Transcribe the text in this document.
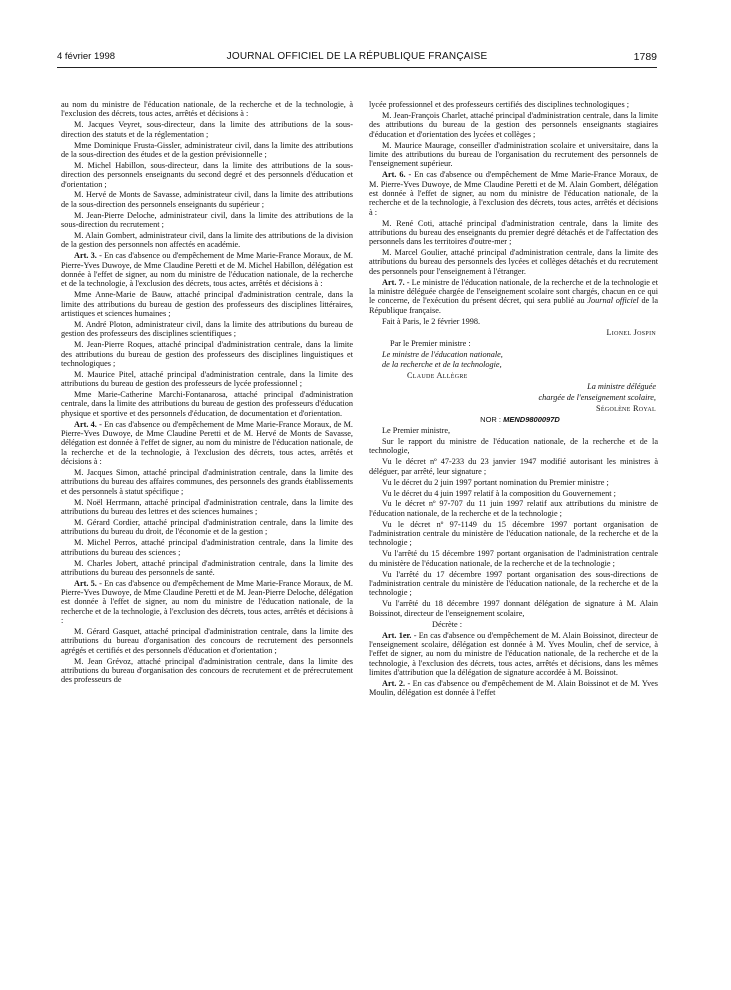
4 février 1998	JOURNAL OFFICIEL DE LA RÉPUBLIQUE FRANÇAISE	1789

au nom du ministre de l'éducation nationale, de la recherche et de la technologie, à l'exclusion des décrets, tous actes, arrêtés et décisions à :

M. Jacques Veyret, sous-directeur, dans la limite des attributions de la sous-direction des statuts et de la réglementation ;

Mme Dominique Frusta-Gissler, administrateur civil, dans la limite des attributions de la sous-direction des études et de la gestion prévisionnelle ;

M. Michel Habillon, sous-directeur, dans la limite des attributions de la sous-direction des personnels enseignants du second degré et des personnels d'éducation et d'orientation ;

M. Hervé de Monts de Savasse, administrateur civil, dans la limite des attributions de la sous-direction des personnels enseignants du supérieur ;

M. Jean-Pierre Deloche, administrateur civil, dans la limite des attributions de la sous-direction du recrutement ;

M. Alain Gombert, administrateur civil, dans la limite des attributions de la division de la gestion des personnels non affectés en académie.

Art. 3. - En cas d'absence ou d'empêchement de Mme Marie-France Moraux, de M. Pierre-Yves Duwoye, de Mme Claudine Peretti et de M. Michel Habillon, délégation est donnée à l'effet de signer, au nom du ministre de l'éducation nationale, de la recherche et de la technologie, à l'exclusion des décrets, tous actes, arrêtés et décisions à :

Mme Anne-Marie de Bauw, attaché principal d'administration centrale, dans la limite des attributions du bureau de gestion des professeurs des disciplines littéraires, artistiques et sciences humaines ;

M. André Ploton, administrateur civil, dans la limite des attributions du bureau de gestion des professeurs des disciplines scientifiques ;

M. Jean-Pierre Roques, attaché principal d'administration centrale, dans la limite des attributions du bureau de gestion des professeurs des disciplines linguistiques et technologiques ;

M. Maurice Pitel, attaché principal d'administration centrale, dans la limite des attributions du bureau de gestion des professeurs de lycée professionnel ;

Mme Marie-Catherine Marchi-Fontanarosa, attaché principal d'administration centrale, dans la limite des attributions du bureau de gestion des professeurs d'éducation physique et sportive et des personnels d'éducation, de documentation et d'orientation.

Art. 4. - En cas d'absence ou d'empêchement de Mme Marie-France Moraux, de M. Pierre-Yves Duwoye, de Mme Claudine Peretti et de M. Hervé de Monts de Savasse, délégation est donnée à l'effet de signer, au nom du ministre de l'éducation nationale, de la recherche et de la technologie, à l'exclusion des décrets, tous actes, arrêtés et décisions à :

M. Jacques Simon, attaché principal d'administration centrale, dans la limite des attributions du bureau des affaires communes, des personnels des grands établissements et des personnels à statut spécifique ;

M. Noël Herrmann, attaché principal d'administration centrale, dans la limite des attributions du bureau des lettres et des sciences humaines ;

M. Gérard Cordier, attaché principal d'administration centrale, dans la limite des attributions du bureau du droit, de l'économie et de la gestion ;

M. Michel Perros, attaché principal d'administration centrale, dans la limite des attributions du bureau des sciences ;

M. Charles Jobert, attaché principal d'administration centrale, dans la limite des attributions du bureau des personnels de santé.

Art. 5. - En cas d'absence ou d'empêchement de Mme Marie-France Moraux, de M. Pierre-Yves Duwoye, de Mme Claudine Peretti et de M. Jean-Pierre Deloche, délégation est donnée à l'effet de signer, au nom du ministre de l'éducation nationale, de la recherche et de la technologie, à l'exclusion des décrets, tous actes, arrêtés et décisions à :

M. Gérard Gasquet, attaché principal d'administration centrale, dans la limite des attributions du bureau d'organisation des concours de recrutement des personnels agrégés et certifiés et des personnels d'éducation et d'orientation ;

M. Jean Grévoz, attaché principal d'administration centrale, dans la limite des attributions du bureau d'organisation des concours de recrutement et de prérecrutement des professeurs de

lycée professionnel et des professeurs certifiés des disciplines technologiques ;

M. Jean-François Charlet, attaché principal d'administration centrale, dans la limite des attributions du bureau de la gestion des personnels enseignants stagiaires d'éducation et d'orientation des lycées et collèges ;

M. Maurice Maurage, conseiller d'administration scolaire et universitaire, dans la limite des attributions du bureau de l'organisation du recrutement des personnels de l'enseignement supérieur.

Art. 6. - En cas d'absence ou d'empêchement de Mme Marie-France Moraux, de M. Pierre-Yves Duwoye, de Mme Claudine Peretti et de M. Alain Gombert, délégation est donnée à l'effet de signer, au nom du ministre de l'éducation nationale, de la recherche et de la technologie, à l'exclusion des décrets, tous actes, arrêtés et décisions à :

M. René Coti, attaché principal d'administration centrale, dans la limite des attributions du bureau des enseignants du premier degré détachés et de l'affectation des personnels dans les territoires d'outre-mer ;

M. Marcel Goulier, attaché principal d'administration centrale, dans la limite des attributions du bureau des personnels des lycées et collèges détachés et du recrutement des personnels pour l'enseignement à l'étranger.

Art. 7. - Le ministre de l'éducation nationale, de la recherche et de la technologie et la ministre déléguée chargée de l'enseignement scolaire sont chargés, chacun en ce qui le concerne, de l'exécution du présent décret, qui sera publié au Journal officiel de la République française.

Fait à Paris, le 2 février 1998.

Lionel Jospin

Par le Premier ministre :

Le ministre de l'éducation nationale,

de la recherche et de la technologie,

Claude Allègre

La ministre déléguée

chargée de l'enseignement scolaire,

Ségolène Royal

NOR : MEND9800097D

Le Premier ministre,

Sur le rapport du ministre de l'éducation nationale, de la recherche et de la technologie,

Vu le décret nº 47-233 du 23 janvier 1947 modifié autorisant les ministres à déléguer, par arrêté, leur signature ;

Vu le décret du 2 juin 1997 portant nomination du Premier ministre ;

Vu le décret du 4 juin 1997 relatif à la composition du Gouvernement ;

Vu le décret nº 97-707 du 11 juin 1997 relatif aux attributions du ministre de l'éducation nationale, de la recherche et de la technologie ;

Vu le décret nº 97-1149 du 15 décembre 1997 portant organisation de l'administration centrale du ministère de l'éducation nationale, de la recherche et de la technologie ;

Vu l'arrêté du 15 décembre 1997 portant organisation de l'administration centrale du ministère de l'éducation nationale, de la recherche et de la technologie ;

Vu l'arrêté du 17 décembre 1997 portant organisation des sous-directions de l'administration centrale du ministère de l'éducation nationale, de la recherche et de la technologie ;

Vu l'arrêté du 18 décembre 1997 donnant délégation de signature à M. Alain Boissinot, directeur de l'enseignement scolaire,

Décrète :

Art. 1er. - En cas d'absence ou d'empêchement de M. Alain Boissinot, directeur de l'enseignement scolaire, délégation est donnée à M. Yves Moulin, chef de service, à l'effet de signer, au nom du ministre de l'éducation nationale, de la recherche et de la technologie, à l'exclusion des décrets, tous actes, arrêtés et décisions, dans les mêmes limites d'attribution que la délégation de signature accordée à M. Boissinot.

Art. 2. - En cas d'absence ou d'empêchement de M. Alain Boissinot et de M. Yves Moulin, délégation est donnée à l'effet
